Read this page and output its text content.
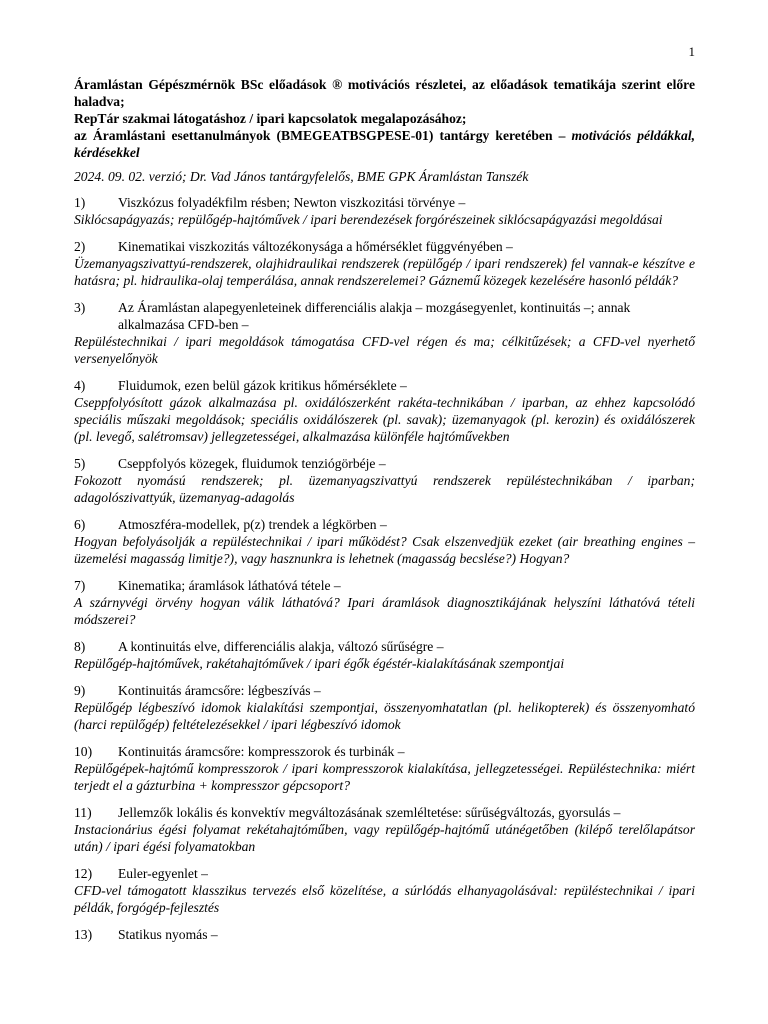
1

Áramlástan Gépészmérnök BSc előadások ® motivációs részletei, az előadások tematikája szerint előre haladva;

RepTár szakmai látogatáshoz / ipari kapcsolatok megalapozásához;

az Áramlástani esettanulmányok (BMEGEATBSGPESE-01) tantárgy keretében – motivációs példákkal, kérdésekkel

2024. 09. 02. verzió; Dr. Vad János tantárgyfelelős, BME GPK Áramlástan Tanszék
1)	Viszkózus folyadékfilm résben; Newton viszkozitási törvénye –

Siklócsapágyazás; repülőgép-hajtóművek / ipari berendezések forgórészeinek siklócsapágyazási megoldásai

2)	Kinematikai viszkozitás változékonysága a hőmérséklet függvényében –

Üzemanyagszivattyú-rendszerek, olajhidraulikai rendszerek (repülőgép / ipari rendszerek) fel vannak-e készítve e hatásra; pl. hidraulika-olaj temperálása, annak rendszerelemei? Gáznemű közegek kezelésére hasonló példák?

3)	Az Áramlástan alapegyenleteinek differenciális alakja – mozgásegyenlet, kontinuitás –; annak alkalmazása CFD-ben –

Repüléstechnikai / ipari megoldások támogatása CFD-vel régen és ma; célkitűzések; a CFD-vel nyerhető versenyelőnyök

4)	Fluidumok, ezen belül gázok kritikus hőmérséklete –

Cseppfolyósított gázok alkalmazása pl. oxidálószerként rakéta-technikában / iparban, az ehhez kapcsolódó speciális műszaki megoldások; speciális oxidálószerek (pl. savak); üzemanyagok (pl. kerozin) és oxidálószerek (pl. levegő, salétromsav) jellegzetességei, alkalmazása különféle hajtóművekben

5)	Cseppfolyós közegek, fluidumok tenziógörbéje –

Fokozott nyomású rendszerek; pl. üzemanyagszivattyú rendszerek repüléstechnikában / iparban; adagolószivattyúk, üzemanyag-adagolás

6)	Atmoszféra-modellek, p(z) trendek a légkörben –

Hogyan befolyásolják a repüléstechnikai / ipari működést? Csak elszenvedjük ezeket (air breathing engines – üzemelési magasság limitje?), vagy hasznunkra is lehetnek (magasság becslése?) Hogyan?

7)	Kinematika; áramlások láthatóvá tétele –

A szárnyvégi örvény hogyan válik láthatóvá? Ipari áramlások diagnosztikájának helyszíni láthatóvá tételi módszerei?

8)	A kontinuitás elve, differenciális alakja, változó sűrűségre –

Repülőgép-hajtóművek, rakétahajtóművek / ipari égők égéstér-kialakításának szempontjai

9)	Kontinuitás áramcsőre: légbeszívás –

Repülőgép légbeszívó idomok kialakítási szempontjai, összenyomhatatlan (pl. helikopterek) és összenyomható (harci repülőgép) feltételezésekkel / ipari légbeszívó idomok

10)	Kontinuitás áramcsőre: kompresszorok és turbinák –

Repülőgépek-hajtómű kompresszorok / ipari kompresszorok kialakítása, jellegzetességei. Repüléstechnika: miért terjedt el a gázturbina + kompresszor gépcsoport?

11)	Jellemzők lokális és konvektív megváltozásának szemléltetése: sűrűségváltozás, gyorsulás –

Instacionárius égési folyamat rekétahajtóműben, vagy repülőgép-hajtómű utánégetőben (kilépő terelőlapátsor után) / ipari égési folyamatokban

12)	Euler-egyenlet –

CFD-vel támogatott klasszikus tervezés első közelítése, a súrlódás elhanyagolásával: repüléstechnikai / ipari példák, forgógép-fejlesztés

13)	Statikus nyomás –
